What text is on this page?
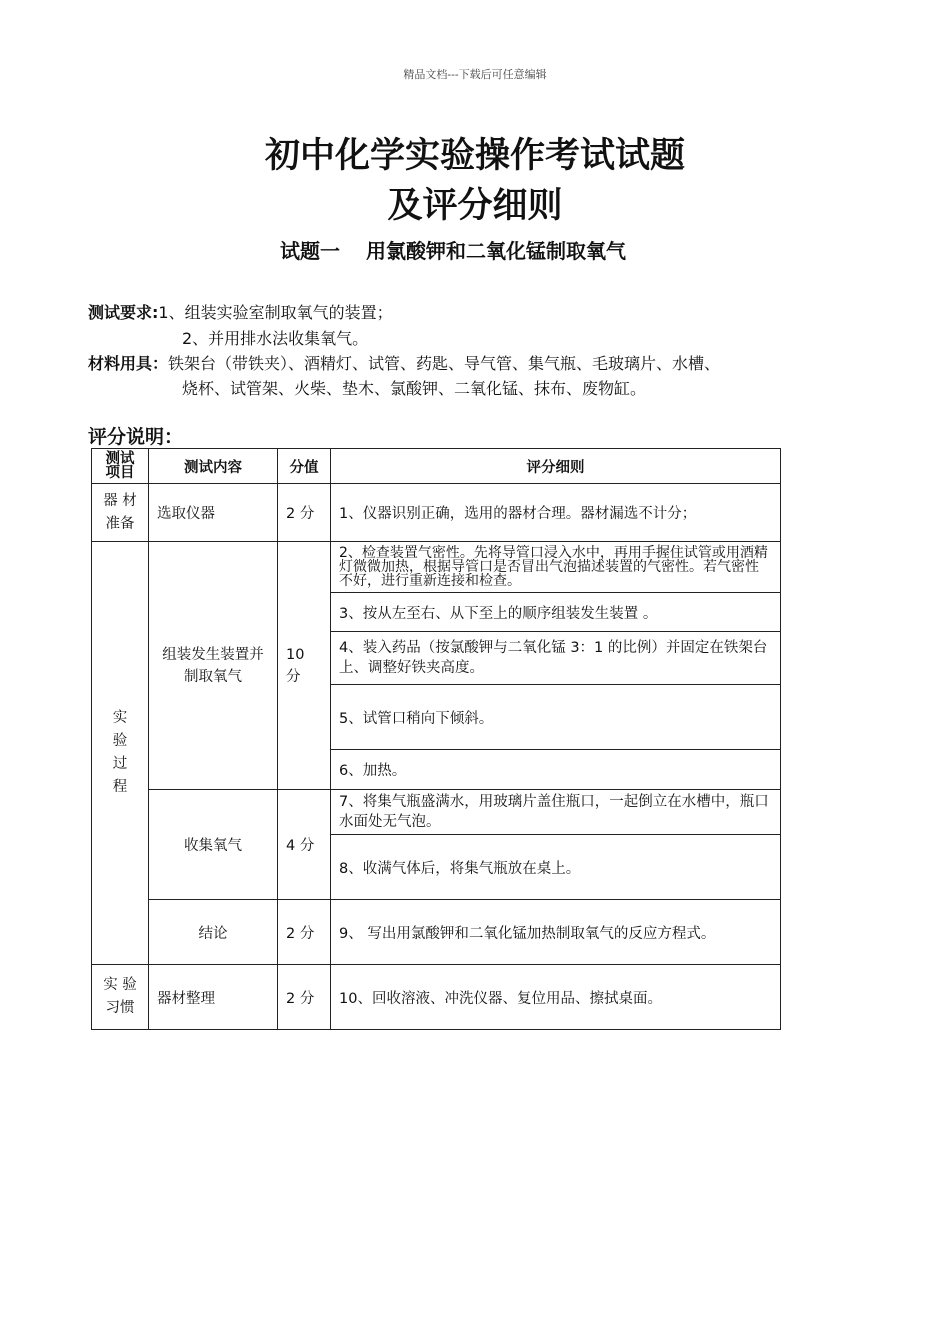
精品文档---下载后可任意编辑
初中化学实验操作考试试题
及评分细则
试题一 用氯酸钾和二氧化锰制取氧气
测试要求:1、组装实验室制取氧气的装置；
2、并用排水法收集氧气。
材料用具：铁架台（带铁夹）、酒精灯、试管、药匙、导气管、集气瓶、毛玻璃片、水槽、
烧杯、试管架、火柴、垫木、氯酸钾、二氧化锰、抹布、废物缸。
评分说明：
测试
项目	测试内容	分值	评分细则
器 材 准备	选取仪器	2 分	1、仪器识别正确，选用的器材合理。器材漏选不计分；
实
验
过
程	组装发生装置并制取氧气	10 分	2、检查装置气密性。先将导管口浸入水中，再用手握住试管或用酒精灯微微加热，根据导管口是否冒出气泡描述装置的气密性。若气密性不好，进行重新连接和检查。
			3、按从左至右、从下至上的顺序组装发生装置 。
			4、装入药品（按氯酸钾与二氧化锰 3：1 的比例）并固定在铁架台上、调整好铁夹高度。
			5、试管口稍向下倾斜。
			6、加热。
	收集氧气	4 分	7、将集气瓶盛满水，用玻璃片盖住瓶口，一起倒立在水槽中，瓶口水面处无气泡。
			8、收满气体后，将集气瓶放在桌上。
	结论	2 分	9、 写出用氯酸钾和二氧化锰加热制取氧气的反应方程式。
实 验 习惯	器材整理	2 分	10、回收溶液、冲洗仪器、复位用品、擦拭桌面。
